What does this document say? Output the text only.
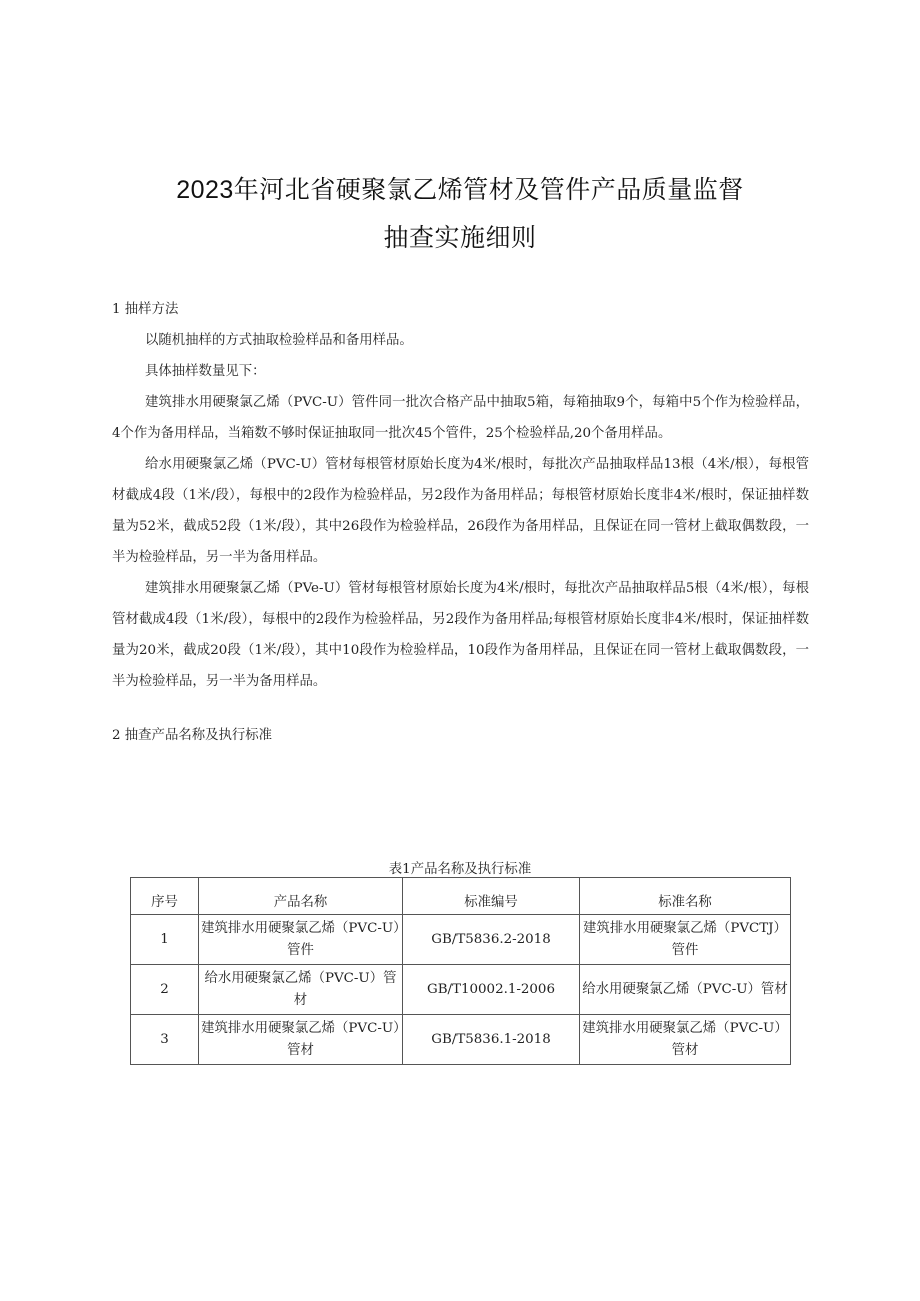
2023年河北省硬聚氯乙烯管材及管件产品质量监督
抽查实施细则
1 抽样方法

以随机抽样的方式抽取检验样品和备用样品。

具体抽样数量见下：

建筑排水用硬聚氯乙烯（PVC-U）管件同一批次合格产品中抽取5箱，每箱抽取9个，每箱中5个作为检验样品，4个作为备用样品，当箱数不够时保证抽取同一批次45个管件，25个检验样品,20个备用样品。

给水用硬聚氯乙烯（PVC-U）管材每根管材原始长度为4米/根时，每批次产品抽取样品13根（4米/根），每根管材截成4段（1米/段），每根中的2段作为检验样品，另2段作为备用样品；每根管材原始长度非4米/根时，保证抽样数量为52米，截成52段（1米/段），其中26段作为检验样品，26段作为备用样品，且保证在同一管材上截取偶数段，一半为检验样品，另一半为备用样品。

建筑排水用硬聚氯乙烯（PVe-U）管材每根管材原始长度为4米/根时，每批次产品抽取样品5根（4米/根），每根管材截成4段（1米/段），每根中的2段作为检验样品，另2段作为备用样品;每根管材原始长度非4米/根时，保证抽样数量为20米，截成20段（1米/段），其中10段作为检验样品，10段作为备用样品，且保证在同一管材上截取偶数段，一半为检验样品，另一半为备用样品。

2 抽查产品名称及执行标准
表1产品名称及执行标准
序号	产品名称	标准编号	标准名称
1	建筑排水用硬聚氯乙烯（PVC-U）管件	GB/T5836.2-2018	建筑排水用硬聚氯乙烯（PVCTJ）管件
2	给水用硬聚氯乙烯（PVC-U）管材	GB/T10002.1-2006	给水用硬聚氯乙烯（PVC-U）管材
3	建筑排水用硬聚氯乙烯（PVC-U）管材	GB/T5836.1-2018	建筑排水用硬聚氯乙烯（PVC-U）管材
